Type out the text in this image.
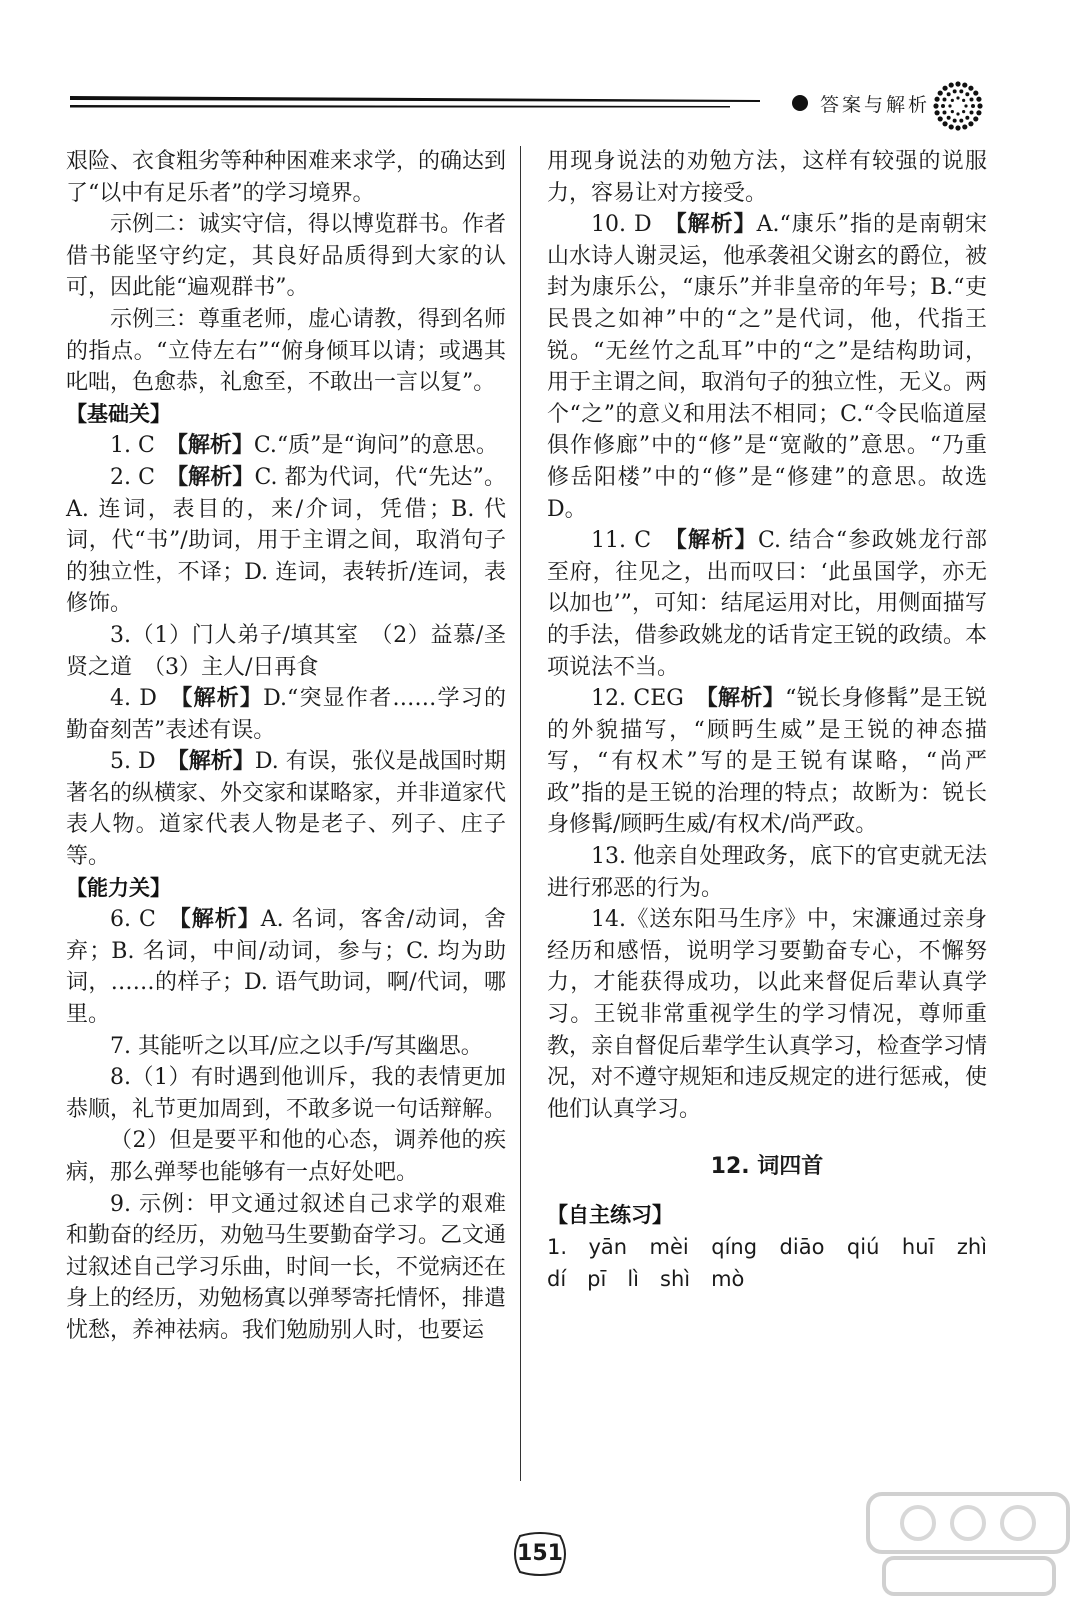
答案与解析

艰险、衣食粗劣等种种困难来求学，的确达到了“以中有足乐者”的学习境界。

示例二：诚实守信，得以博览群书。作者借书能坚守约定，其良好品质得到大家的认可，因此能“遍观群书”。

示例三：尊重老师，虚心请教，得到名师的指点。“立侍左右”“俯身倾耳以请；或遇其叱咄，色愈恭，礼愈至，不敢出一言以复”。

【基础关】

1. C　【解析】C.“质”是“询问”的意思。

2. C　【解析】C. 都为代词，代“先达”。A. 连词，表目的，来/介词，凭借；B. 代词，代“书”/助词，用于主谓之间，取消句子的独立性，不译；D. 连词，表转折/连词，表修饰。

3.（1）门人弟子/填其室　（2）益慕/圣贤之道　（3）主人/日再食

4. D　【解析】D.“突显作者……学习的勤奋刻苦”表述有误。

5. D　【解析】D. 有误，张仪是战国时期著名的纵横家、外交家和谋略家，并非道家代表人物。道家代表人物是老子、列子、庄子等。

【能力关】

6. C　【解析】A. 名词，客舍/动词，舍弃；B. 名词，中间/动词，参与；C. 均为助词，……的样子；D. 语气助词，啊/代词，哪里。

7. 其能听之以耳/应之以手/写其幽思。

8.（1）有时遇到他训斥，我的表情更加恭顺，礼节更加周到，不敢多说一句话辩解。

（2）但是要平和他的心态，调养他的疾病，那么弹琴也能够有一点好处吧。

9. 示例：甲文通过叙述自己求学的艰难和勤奋的经历，劝勉马生要勤奋学习。乙文通过叙述自己学习乐曲，时间一长，不觉病还在身上的经历，劝勉杨寘以弹琴寄托情怀，排遣忧愁，养神祛病。我们勉励别人时，也要运

用现身说法的劝勉方法，这样有较强的说服力，容易让对方接受。

10. D　【解析】A.“康乐”指的是南朝宋山水诗人谢灵运，他承袭祖父谢玄的爵位，被封为康乐公，“康乐”并非皇帝的年号；B.“吏民畏之如神”中的“之”是代词，他，代指王锐。“无丝竹之乱耳”中的“之”是结构助词，用于主谓之间，取消句子的独立性，无义。两个“之”的意义和用法不相同；C.“令民临道屋俱作修廊”中的“修”是“宽敞的”意思。“乃重修岳阳楼”中的“修”是“修建”的意思。故选 D。

11. C　【解析】C. 结合“参政姚龙行部至府，往见之，出而叹曰：‘此虽国学，亦无以加也’”，可知：结尾运用对比，用侧面描写的手法，借参政姚龙的话肯定王锐的政绩。本项说法不当。

12. CEG　【解析】“锐长身修髯”是王锐的外貌描写，“顾眄生威”是王锐的神态描写，“有权术”写的是王锐有谋略，“尚严政”指的是王锐的治理的特点；故断为：锐长身修髯/顾眄生威/有权术/尚严政。

13. 他亲自处理政务，底下的官吏就无法进行邪恶的行为。

14.《送东阳马生序》中，宋濂通过亲身经历和感悟，说明学习要勤奋专心，不懈努力，才能获得成功，以此来督促后辈认真学习。王锐非常重视学生的学习情况，尊师重教，亲自督促后辈学生认真学习，检查学习情况，对不遵守规矩和违反规定的进行惩戒，使他们认真学习。

12. 词四首

【自主练习】

1. yān　mèi　qíng　diāo　qiú　huī　zhì　dí　pī　lì　shì　mò

151
